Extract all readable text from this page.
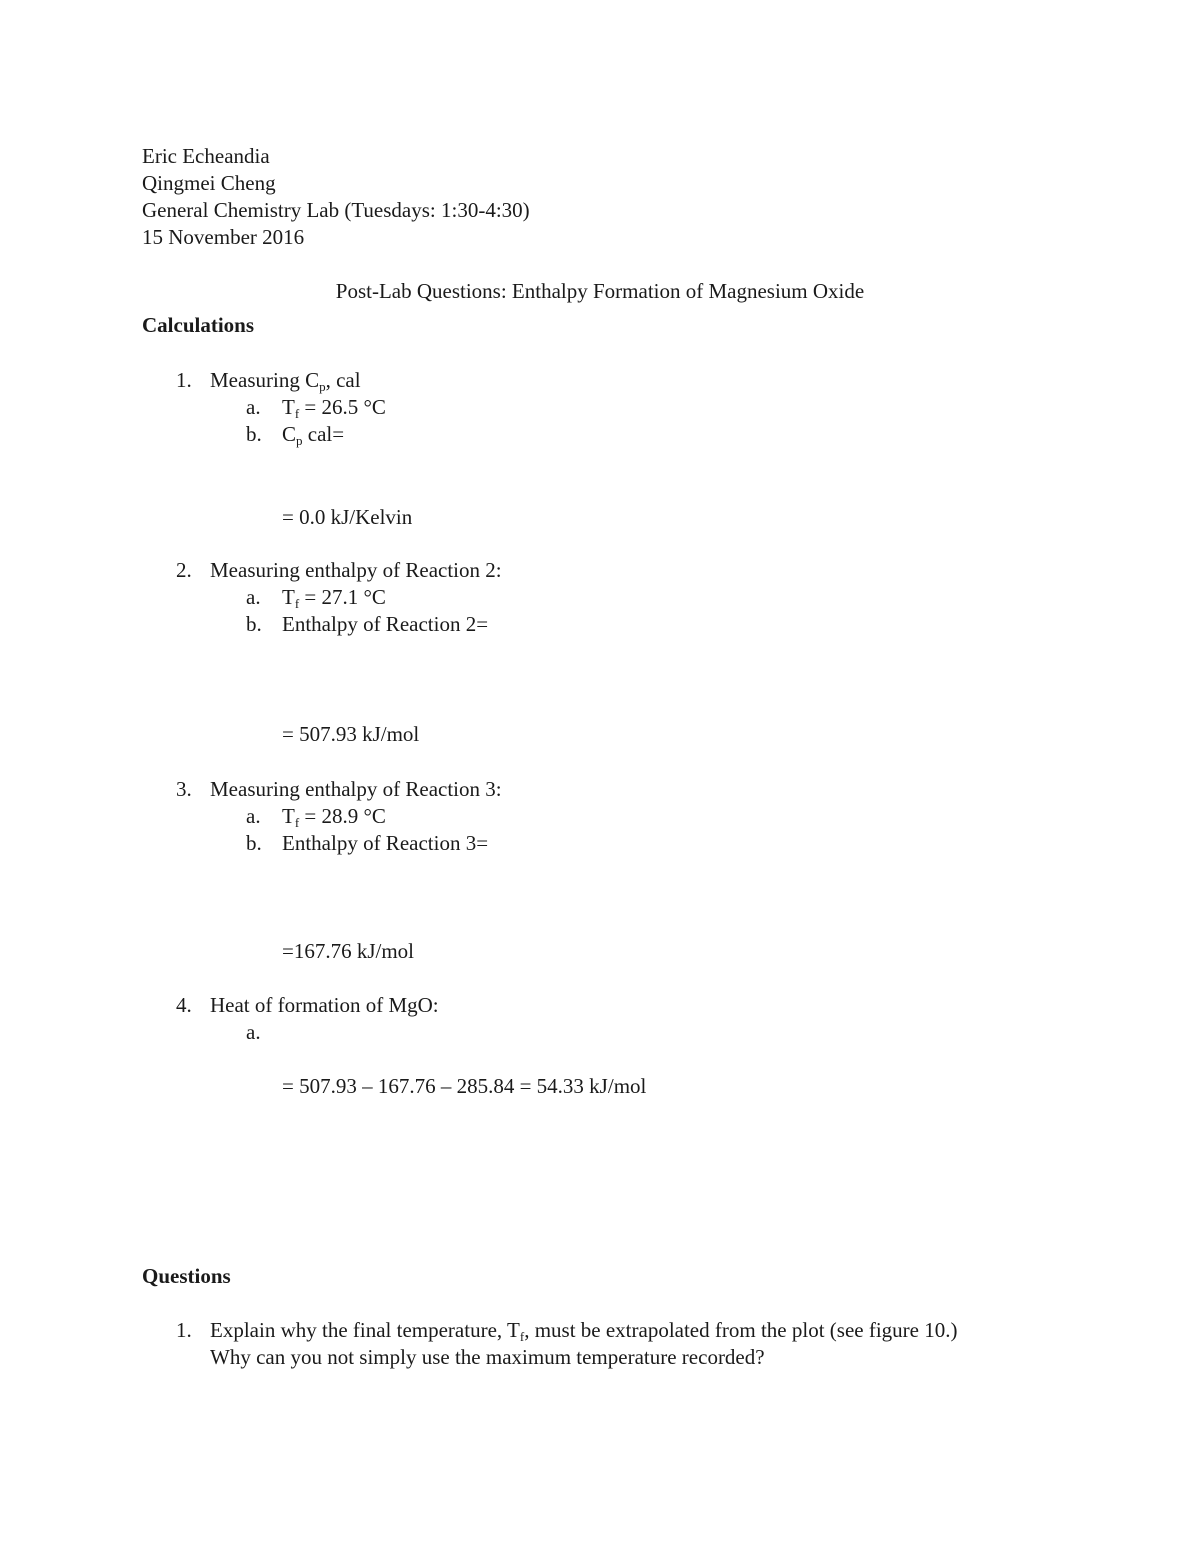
Eric Echeandia
Qingmei Cheng
General Chemistry Lab (Tuesdays: 1:30-4:30)
15 November 2016
Post-Lab Questions: Enthalpy Formation of Magnesium Oxide
Calculations
1. Measuring $C_p$, cal
a. $T_f = 26.5$ °C
b. $C_p$ cal=
= 0.0 kJ/Kelvin
2. Measuring enthalpy of Reaction 2:
a. $T_f = 27.1$ °C
b. Enthalpy of Reaction 2=
= 507.93 kJ/mol
3. Measuring enthalpy of Reaction 3:
a. $T_f = 28.9$ °C
b. Enthalpy of Reaction 3=
=167.76 kJ/mol
4. Heat of formation of MgO:
a.
= 507.93 – 167.76 – 285.84 = 54.33 kJ/mol
Questions
1. Explain why the final temperature, $T_f$, must be extrapolated from the plot (see figure 10.)
Why can you not simply use the maximum temperature recorded?
